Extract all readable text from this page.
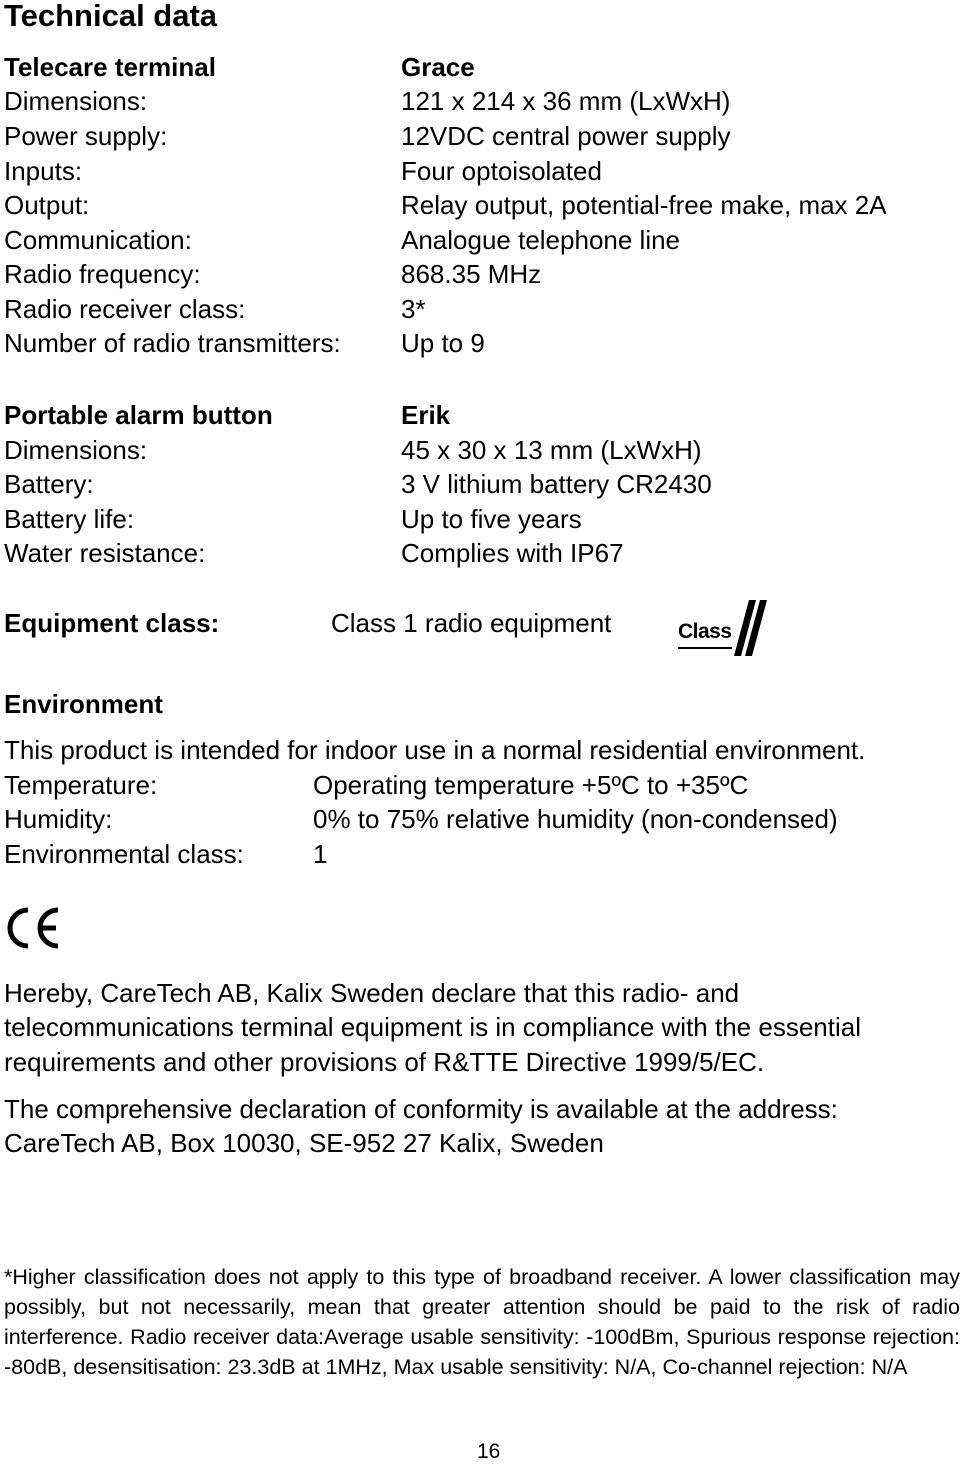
Technical data
Telecare terminal	Grace
Dimensions:	121 x 214 x 36 mm (LxWxH)
Power supply:	12VDC central power supply
Inputs:	Four optoisolated
Output:	Relay output, potential-free make, max 2A
Communication:	Analogue telephone line
Radio frequency:	868.35 MHz
Radio receiver class:	3*
Number of radio transmitters: Up to 9
Portable alarm button	Erik
Dimensions:	45 x 30 x 13 mm (LxWxH)
Battery:	3 V lithium battery CR2430
Battery life:	Up to five years
Water resistance:	Complies with IP67
Equipment class:	Class 1 radio equipment	Class
Environment
This product is intended for indoor use in a normal residential environment.
Temperature:	Operating temperature +5ºC to +35ºC
Humidity:	0% to 75% relative humidity (non-condensed)
Environmental class:	1
Hereby, CareTech AB, Kalix Sweden declare that this radio- and
telecommunications terminal equipment is in compliance with the essential
requirements and other provisions of R&TTE Directive 1999/5/EC.
The comprehensive declaration of conformity is available at the address:
CareTech AB, Box 10030, SE-952 27 Kalix, Sweden
*Higher classification does not apply to this type of broadband receiver. A lower classification may possibly, but not necessarily, mean that greater attention should be paid to the risk of radio interference. Radio receiver data:Average usable sensitivity: -100dBm, Spurious response rejection: -80dB, desensitisation: 23.3dB at 1MHz, Max usable sensitivity: N/A, Co-channel rejection: N/A
16
